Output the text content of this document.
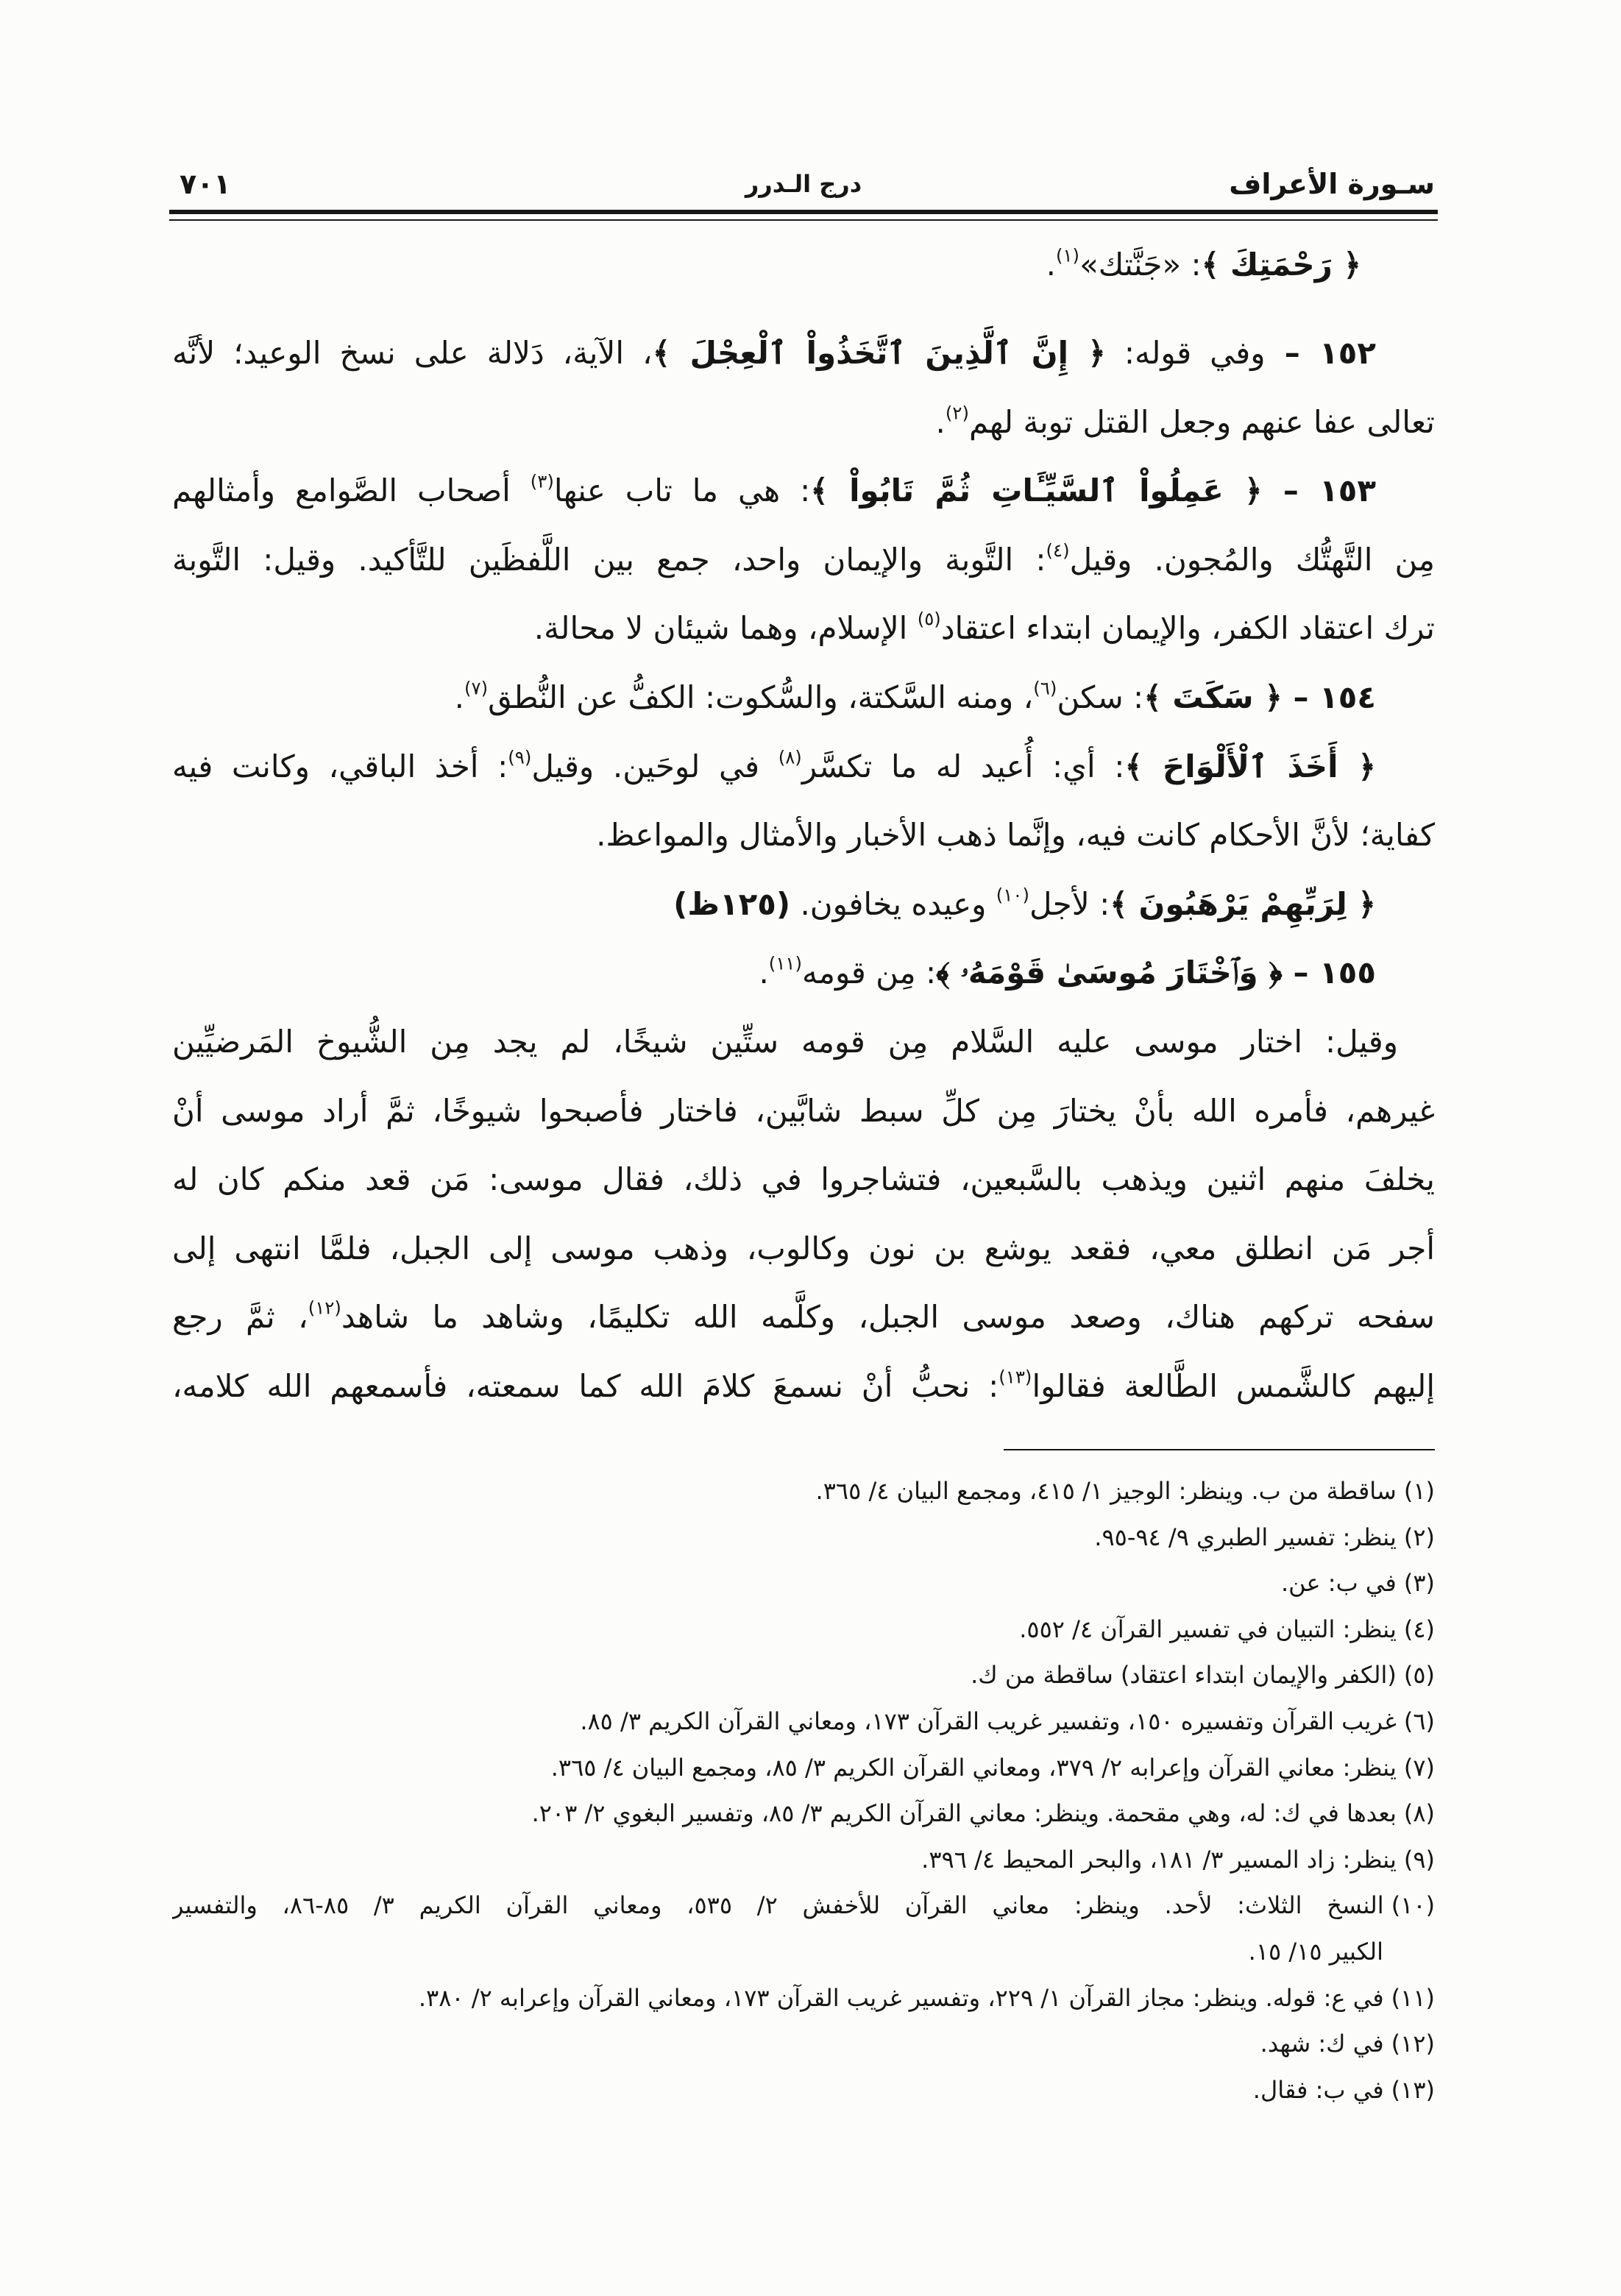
سـورة الأعراف
درج الـدرر
٧٠١
﴿ رَحْمَتِكَ ﴾: «جَنَّتك»$^{(١)}$.
١٥٢ – وفي قوله: ﴿ إِنَّ ٱلَّذِينَ ٱتَّخَذُواْ ٱلْعِجْلَ ﴾، الآية، دَلالة على نسخ الوعيد؛ لأنَّه
تعالى عفا عنهم وجعل القتل توبة لهم$^{(٢)}$.
١٥٣ – ﴿ عَمِلُواْ ٱلسَّيِّـَٔاتِ ثُمَّ تَابُواْ ﴾: هي ما تاب عنها$^{(٣)}$ أصحاب الصَّوامع وأمثالهم
مِن التَّهتُّك والمُجون. وقيل$^{(٤)}$: التَّوبة والإيمان واحد، جمع بين اللَّفظَين للتَّأكيد. وقيل: التَّوبة
ترك اعتقاد الكفر، والإيمان ابتداء اعتقاد$^{(٥)}$ الإسلام، وهما شيئان لا محالة.
١٥٤ – ﴿ سَكَتَ ﴾: سكن$^{(٦)}$، ومنه السَّكتة، والسُّكوت: الكفُّ عن النُّطق$^{(٧)}$.
﴿ أَخَذَ ٱلْأَلْوَاحَ ﴾: أي: أُعيد له ما تكسَّر$^{(٨)}$ في لوحَين. وقيل$^{(٩)}$: أخذ الباقي، وكانت فيه
كفاية؛ لأنَّ الأحكام كانت فيه، وإنَّما ذهب الأخبار والأمثال والمواعظ.
﴿ لِرَبِّهِمْ يَرْهَبُونَ ﴾: لأجل$^{(١٠)}$ وعيده يخافون. (١٢٥ظ)
١٥٥ – ﴿ وَٱخْتَارَ مُوسَىٰ قَوْمَهُۥ ﴾: مِن قومه$^{(١١)}$.
وقيل: اختار موسى عليه السَّلام مِن قومه ستِّين شيخًا، لم يجد مِن الشُّيوخ المَرضيِّين
غيرهم، فأمره الله بأنْ يختارَ مِن كلِّ سبط شابَّين، فاختار فأصبحوا شيوخًا، ثمَّ أراد موسى أنْ
يخلفَ منهم اثنين ويذهب بالسَّبعين، فتشاجروا في ذلك، فقال موسى: مَن قعد منكم كان له
أجر مَن انطلق معي، فقعد يوشع بن نون وكالوب، وذهب موسى إلى الجبل، فلمَّا انتهى إلى
سفحه تركهم هناك، وصعد موسى الجبل، وكلَّمه الله تكليمًا، وشاهد ما شاهد$^{(١٢)}$، ثمَّ رجع
إليهم كالشَّمس الطَّالعة فقالوا$^{(١٣)}$: نحبُّ أنْ نسمعَ كلامَ الله كما سمعته، فأسمعهم الله كلامه،
(١)ساقطة من ب. وينظر: الوجيز ١/ ٤١٥، ومجمع البيان ٤/ ٣٦٥.
(٢)ينظر: تفسير الطبري ٩/ ٩٤-٩٥.
(٣)في ب: عن.
(٤)ينظر: التبيان في تفسير القرآن ٤/ ٥٥٢.
(٥)(الكفر والإيمان ابتداء اعتقاد) ساقطة من ك.
(٦)غريب القرآن وتفسيره ١٥٠، وتفسير غريب القرآن ١٧٣، ومعاني القرآن الكريم ٣/ ٨٥.
(٧)ينظر: معاني القرآن وإعرابه ٢/ ٣٧٩، ومعاني القرآن الكريم ٣/ ٨٥، ومجمع البيان ٤/ ٣٦٥.
(٨)بعدها في ك: له، وهي مقحمة. وينظر: معاني القرآن الكريم ٣/ ٨٥، وتفسير البغوي ٢/ ٢٠٣.
(٩)ينظر: زاد المسير ٣/ ١٨١، والبحر المحيط ٤/ ٣٩٦.
(١٠)النسخ الثلاث: لأحد. وينظر: معاني القرآن للأخفش ٢/ ٥٣٥، ومعاني القرآن الكريم ٣/ ٨٥-٨٦، والتفسير
الكبير ١٥/ ١٥.
(١١)في ع: قوله. وينظر: مجاز القرآن ١/ ٢٢٩، وتفسير غريب القرآن ١٧٣، ومعاني القرآن وإعرابه ٢/ ٣٨٠.
(١٢)في ك: شهد.
(١٣)في ب: فقال.
